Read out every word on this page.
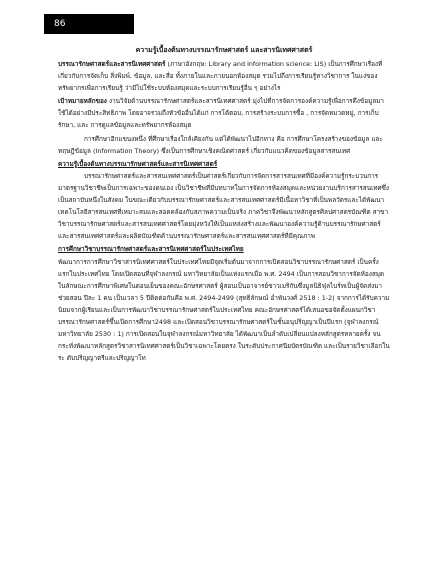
86
ความรู้เบื้องต้นทางบรรณารักษศาสตร์ และสารนิเทศศาสตร์

บรรณารักษศาสตร์และสารนิเทศศาสตร์ (ภาษาอังกฤษ: Library and information science: LIS) เป็นการศึกษาเรื่องที่เกี่ยวกับการจัดเก็บ สิ่งพิมพ์, ข้อมูล, และสื่อ ทั้งภายในและภายนอกห้องสมุด รวมไปถึงการเรียนรู้ทางวิชาการ ในแง่ของทรัพยากรเพื่อการเรียนรู้ ว่ามีไปใช้ระบบห้องสมุดและระบบการเรียนรู้อื่น ๆ อย่างไร

เป้าหมายหลักของ งานวิจัยด้านบรรณารักษศาสตร์และสารนิเทศศาสตร์ มุ่งไปที่การจัดการองค์ความรู้เพื่อการดึงข้อมูลมาใช้ได้อย่างมีประสิทธิภาพ โดยอาจรวมถึงหัวข้ออื่นได้แก่ การโต้ตอบ, การสร้างระบบการซื้อ , การจัดหมวดหมู่, การเก็บรักษา, และ การดูแลข้อมูลและทรัพยากรห้องสมุด

การศึกษาอีกแขนงหนึ่ง ที่ศึกษาเรื่องใกล้เคียงกัน แต่ได้พัฒนาไปอีกทาง คือ การศึกษาโครงสร้างของข้อมูล และ ทฤษฎีข้อมูล (Information Theory) ซึ่งเป็นการศึกษาเชิงคณิตศาสตร์ เกี่ยวกับแนวคิดของข้อมูลสารสนเทศ

ความรู้เบื้องต้นทางบรรณารักษศาสตร์และสารนิเทศศาสตร์

บรรณารักษศาสตร์และสารสนเทศศาสตร์เป็นศาสตร์เกี่ยวกับการจัดการสารสนเทศที่มีองค์ความรู้กระบวนการ มาตรฐานวิชาชีพเป็นการเฉพาะของตนเอง เป็นวิชาชีพที่มีบทบาทในการจัดการห้องสมุดและหน่วยงานบริการสารสนเทศซึ่งเป็นสถาบันหนึ่งในสังคม ในขณะเดียวกับบรรณารักษศาสตร์และสารสนเทศศาสตร์มีเนื้อหาวิชาที่เป็นพลวัตรและได้พัฒนาเทคโนโลยีสารสนเทศที่เหมาะสมและสอดคล้องกับสภาพความเป็นจริง ภาควิชาจึงพัฒนาหลักสูตรศิลปศาสตรบัณฑิต สาขาวิชาบรรณารักษศาสตร์และสารสนเทศศาสตร์โดยมุ่งหวังให้เป็นแหล่งสร้างและพัฒนาองค์ความรู้ด้านบรรณารักษศาสตร์และสารสนเทศศาสตร์และผลิตบัณฑิตด้านบรรณารักษศาสตร์และสารสนเทศศาสตร์ที่มีคุณภาพ

การศึกษาวิชาบรรณารักษศาสตร์และสารนิเทศศาสตร์ในประเทศไทย

พัฒนาการการศึกษาวิชาสารนิเทศศาสตร์ในประเทศไทยมีจุดเริ่มต้นมาจากการเปิดสอนวิชาบรรณารักษศาสตร์ เป็นครั้งแรกในประเทศไทย โดยเปิดสอนที่จุฬาลงกรณ์ มหาวิทยาลัยเป็นแห่งแรกเมื่อ พ.ศ. 2494 เป็นการสอนวิชาการจัดห้องสมุด ในลักษณะการศึกษาพิเศษในตอนเย็นของคณะอักษรศาสตร์ ผู้สอนเป็นอาจารย์ชาวเมริกันซึ่งมูลนิธิฟุลไบร์ทเป็นผู้จัดส่งมาช่วยสอน ปีละ 1 คน เป็นเวลา 5 ปีติดต่อกันคือ พ.ศ. 2494-2499 (สุทธิลักษณ์ อำพันวงศ์ 2518 : 1-2) จากการได้รับความนิยมจากผู้เรียนและเป็นการพัฒนาวิชาบรรณารักษศาสตร์ในประเทศไทย คณะอักษรศาสตร์ได้เสนอขอจัดตั้งแผนกวิชาบรรณารักษศาสตร์ขึ้นเปิดการศึกษา2498 และเปิดสอนวิชาบรรณารักษศาสตร์ในชั้นอนุปริญญาเป็นปีแรก (จุฬาลงกรณ์มหาวิทยาลัย 2530 : 1) การเปิดสอนในจุฬาลงกรณ์มหาวิทยาลัย ได้พัฒนาเป็นลำดับเปลี่ยนแปลงหลักสูตรหลายครั้ง จนกระทั่งพัฒนาหลักสูตรวิชาสารนิเทศศาสตร์เป็นวิชาเฉพาะโดยตรง ในระดับประกาศนียบัตรบัณฑิต และเป็นรายวิชาเลือกในระ ดับปริญญาตรีและปริญญาโท
